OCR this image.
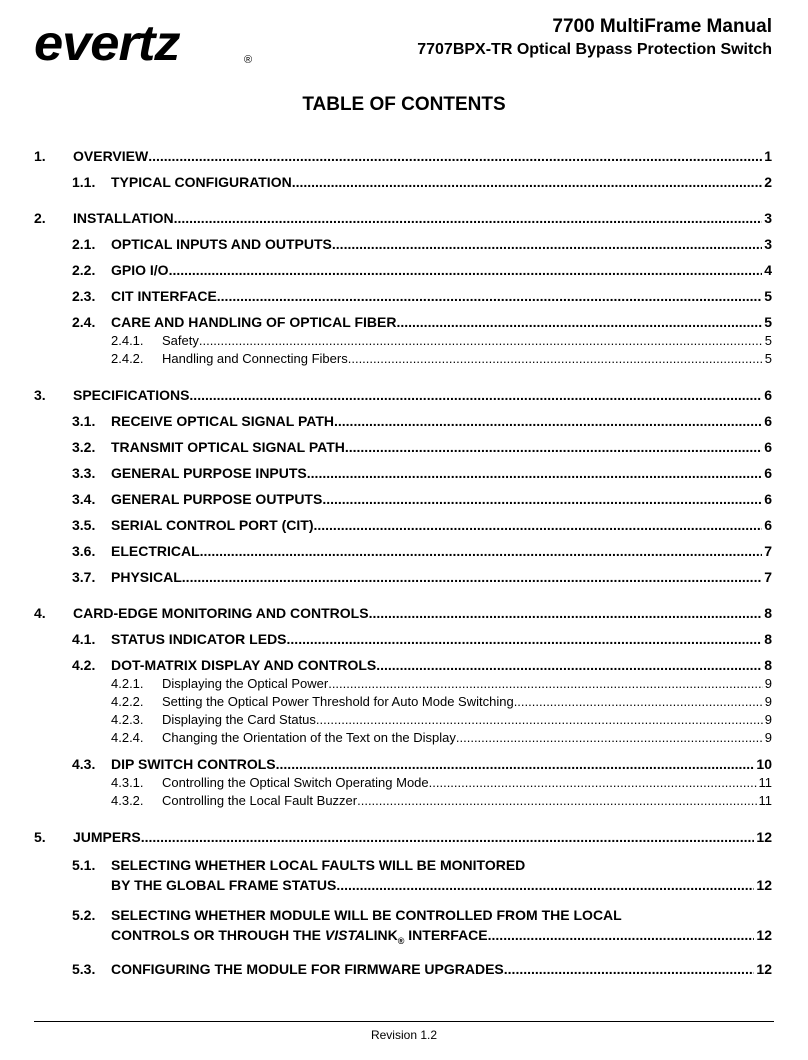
evertz	®
7700 MultiFrame Manual
7707BPX-TR Optical Bypass Protection Switch
TABLE OF CONTENTS
1.	OVERVIEW .....	1
1.1.	TYPICAL CONFIGURATION .....	2
2.	INSTALLATION .....	3
2.1.	OPTICAL INPUTS AND OUTPUTS .....	3
2.2.	GPIO I/O .....	4
2.3.	CIT INTERFACE .....	5
2.4.	CARE AND HANDLING OF OPTICAL FIBER .....	5
2.4.1.	Safety .....	5
2.4.2.	Handling and Connecting Fibers .....	5
3.	SPECIFICATIONS .....	6
3.1.	RECEIVE OPTICAL SIGNAL PATH .....	6
3.2.	TRANSMIT OPTICAL SIGNAL PATH .....	6
3.3.	GENERAL PURPOSE INPUTS .....	6
3.4.	GENERAL PURPOSE OUTPUTS .....	6
3.5.	SERIAL CONTROL PORT (CIT) .....	6
3.6.	ELECTRICAL .....	7
3.7.	PHYSICAL .....	7
4.	CARD-EDGE MONITORING AND CONTROLS .....	8
4.1.	STATUS INDICATOR LEDS .....	8
4.2.	DOT-MATRIX DISPLAY AND CONTROLS .....	8
4.2.1.	Displaying the Optical Power .....	9
4.2.2.	Setting the Optical Power Threshold for Auto Mode Switching .....	9
4.2.3.	Displaying the Card Status .....	9
4.2.4.	Changing the Orientation of the Text on the Display .....	9
4.3.	DIP SWITCH CONTROLS .....	10
4.3.1.	Controlling the Optical Switch Operating Mode .....	11
4.3.2.	Controlling the Local Fault Buzzer .....	11
5.	JUMPERS .....	12
5.1.	SELECTING WHETHER LOCAL FAULTS WILL BE MONITORED
BY THE GLOBAL FRAME STATUS .....	12
5.2.	SELECTING WHETHER MODULE WILL BE CONTROLLED FROM THE LOCAL
CONTROLS OR THROUGH THE $VISTALINK_®$ INTERFACE .....	12
5.3.	CONFIGURING THE MODULE FOR FIRMWARE UPGRADES .....	12
Revision 1.2
